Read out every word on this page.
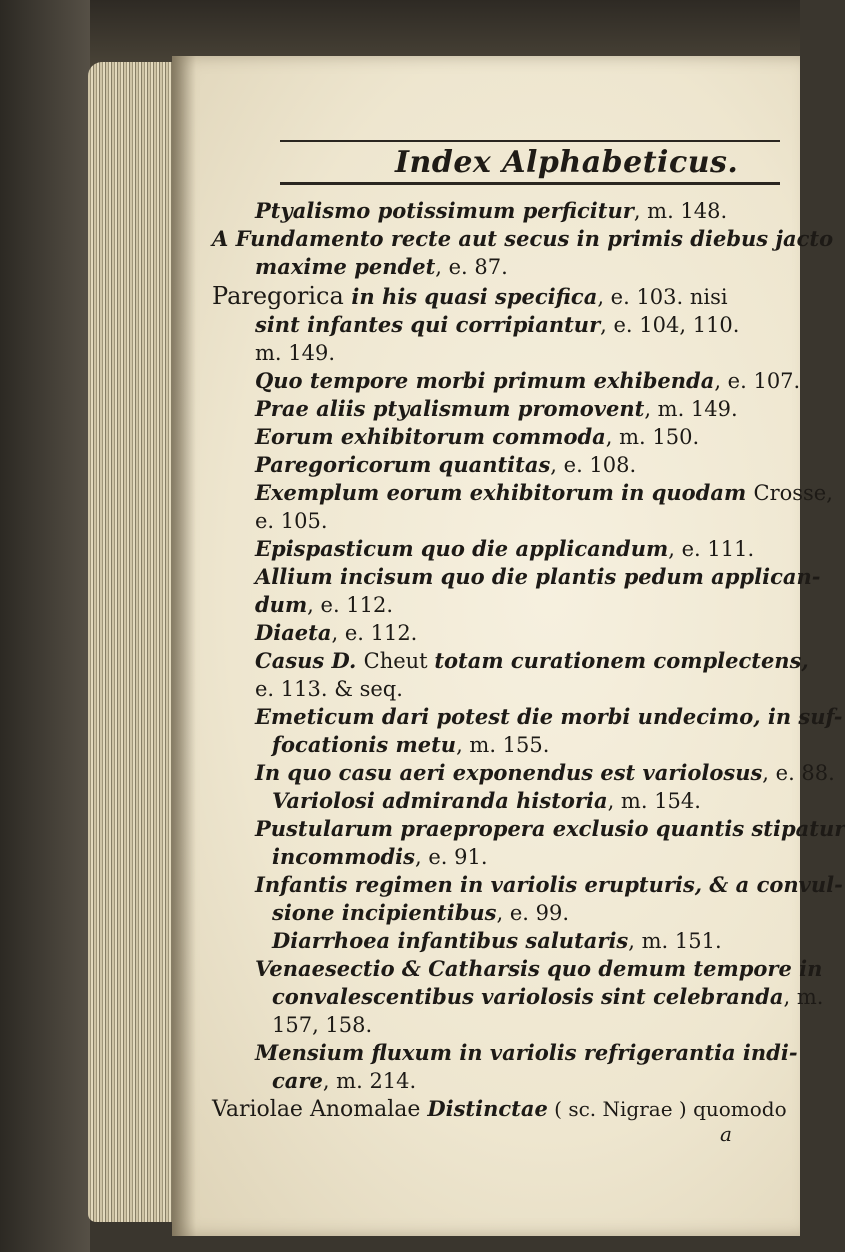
Index Alphabeticus.
Ptyalismo potissimum perficitur, m. 148.
A Fundamento recte aut secus in primis diebus jacto
maxime pendet, e. 87.
Paregorica in his quasi specifica, e. 103. nisi
sint infantes qui corripiantur, e. 104, 110.
m. 149.
Quo tempore morbi primum exhibenda, e. 107.
Prae aliis ptyalismum promovent, m. 149.
Eorum exhibitorum commoda, m. 150.
Paregoricorum quantitas, e. 108.
Exemplum eorum exhibitorum in quodam Crosse,
e. 105.
Epispasticum quo die applicandum, e. 111.
Allium incisum quo die plantis pedum applican-
dum, e. 112.
Diaeta, e. 112.
Casus D. Cheut totam curationem complectens,
e. 113. & seq.
Emeticum dari potest die morbi undecimo, in suf-
focationis metu, m. 155.
In quo casu aeri exponendus est variolosus, e. 88.
Variolosi admiranda historia, m. 154.
Pustularum praepropera exclusio quantis stipatur
incommodis, e. 91.
Infantis regimen in variolis erupturis, & a convul-
sione incipientibus, e. 99.
Diarrhoea infantibus salutaris, m. 151.
Venaesectio & Catharsis quo demum tempore in
convalescentibus variolosis sint celebranda, m.
157, 158.
Mensium fluxum in variolis refrigerantia indi-
care, m. 214.
Variolae Anomalae Distinctae ( sc. Nigrae ) quomodo
a
